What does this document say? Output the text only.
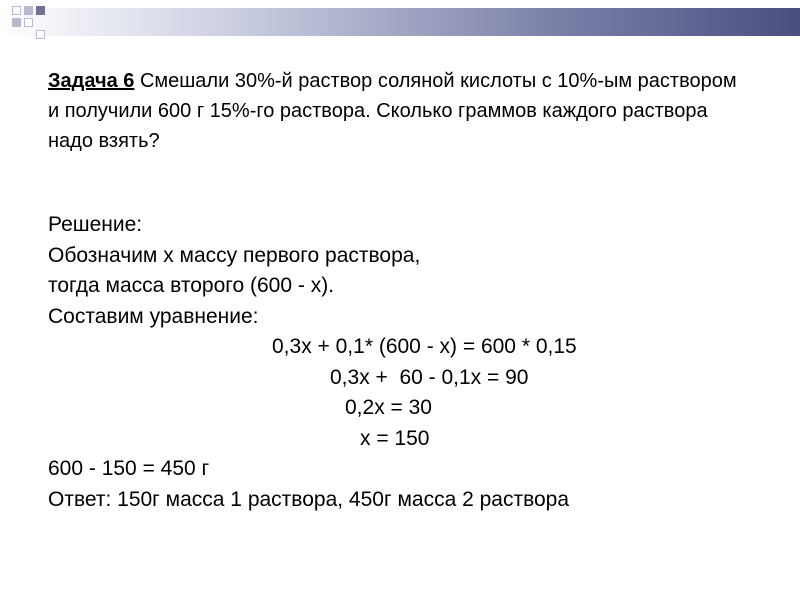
Задача 6 Смешали 30%-й раствор соляной кислоты с 10%-ым раствором и получили 600 г 15%-го раствора. Сколько граммов каждого раствора надо взять?
Решение:
Обозначим x массу первого раствора,
тогда масса второго (600 - x).
Составим уравнение:
0,3x + 0,1* (600 - x) = 600 * 0,15
0,3x +  60 - 0,1x = 90
0,2x = 30
x = 150
600 - 150 = 450 г
Ответ: 150г масса 1 раствора, 450г масса 2 раствора
